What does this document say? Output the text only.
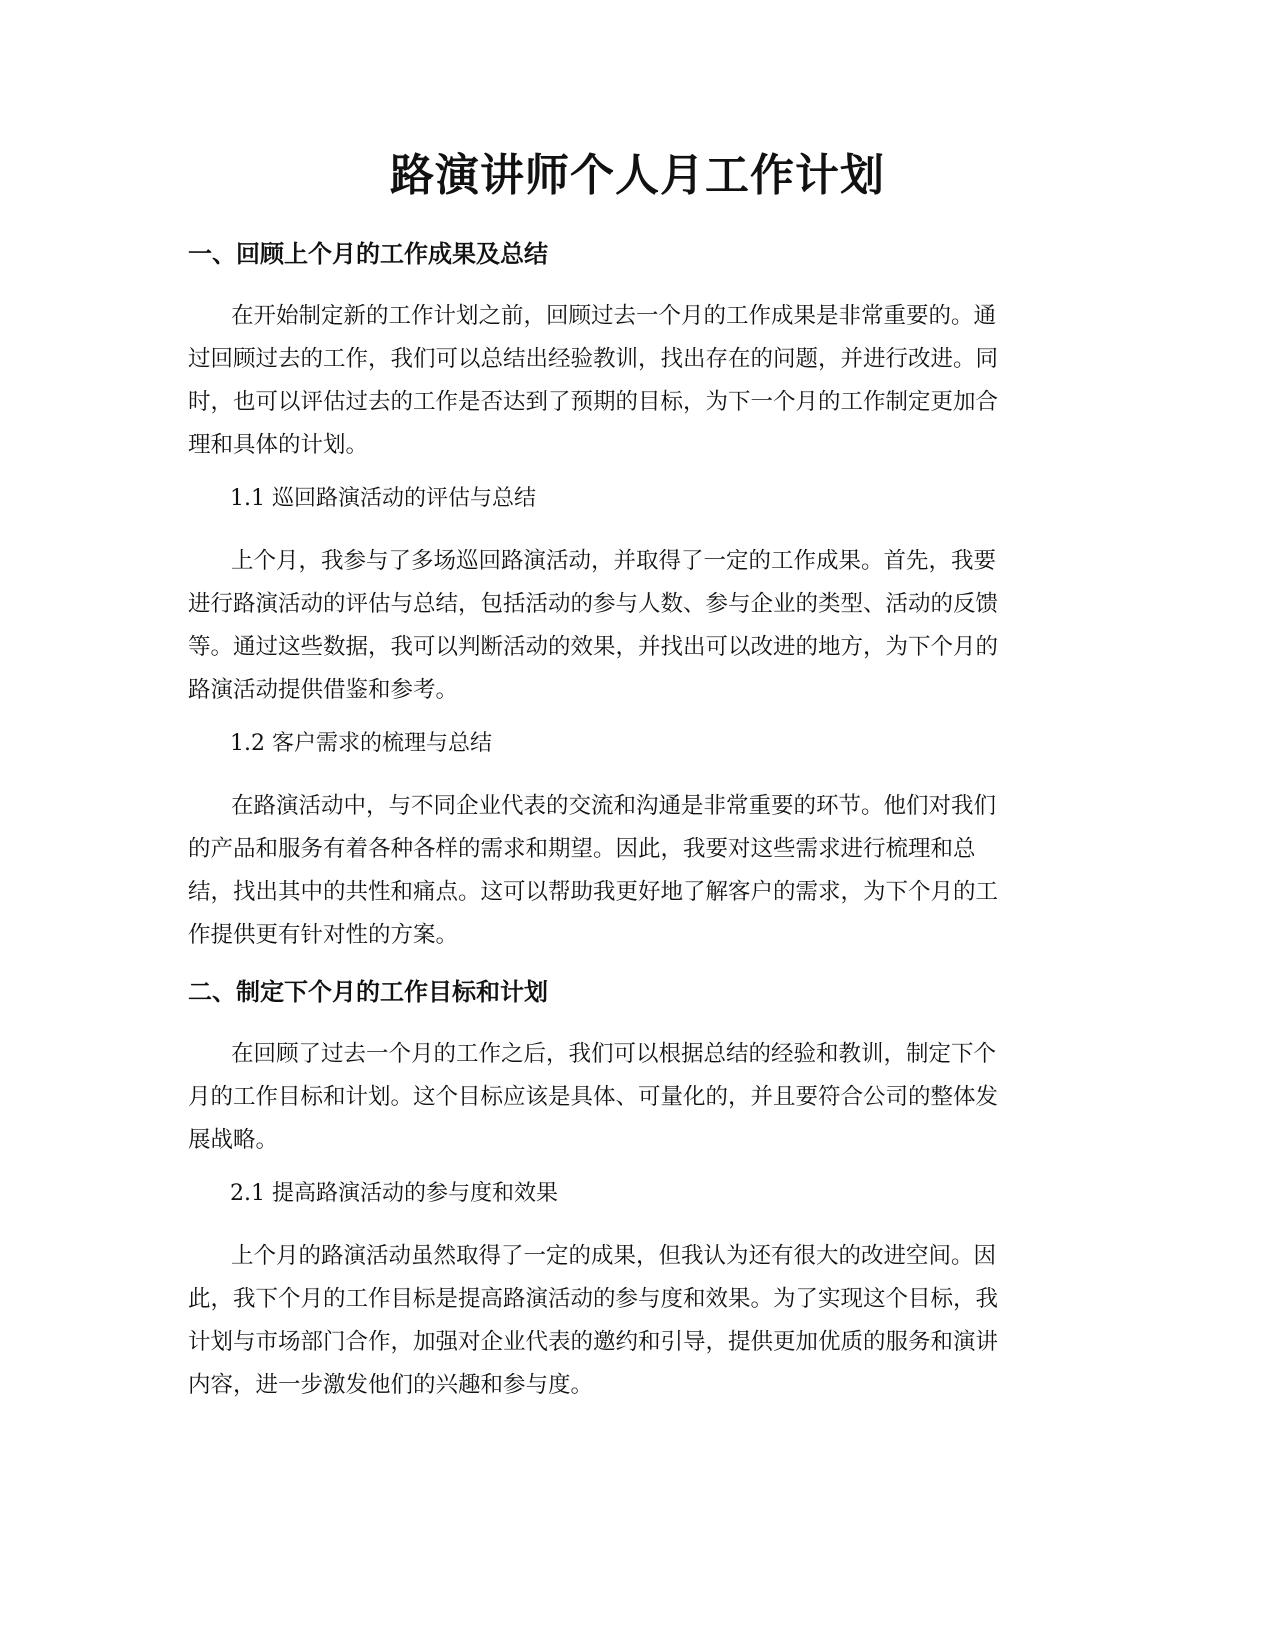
路演讲师个人月工作计划
一、回顾上个月的工作成果及总结
在开始制定新的工作计划之前，回顾过去一个月的工作成果是非常重要的。通
过回顾过去的工作，我们可以总结出经验教训，找出存在的问题，并进行改进。同
时，也可以评估过去的工作是否达到了预期的目标，为下一个月的工作制定更加合
理和具体的计划。

1.1 巡回路演活动的评估与总结

上个月，我参与了多场巡回路演活动，并取得了一定的工作成果。首先，我要
进行路演活动的评估与总结，包括活动的参与人数、参与企业的类型、活动的反馈
等。通过这些数据，我可以判断活动的效果，并找出可以改进的地方，为下个月的
路演活动提供借鉴和参考。

1.2 客户需求的梳理与总结

在路演活动中，与不同企业代表的交流和沟通是非常重要的环节。他们对我们
的产品和服务有着各种各样的需求和期望。因此，我要对这些需求进行梳理和总
结，找出其中的共性和痛点。这可以帮助我更好地了解客户的需求，为下个月的工
作提供更有针对性的方案。
二、制定下个月的工作目标和计划
在回顾了过去一个月的工作之后，我们可以根据总结的经验和教训，制定下个
月的工作目标和计划。这个目标应该是具体、可量化的，并且要符合公司的整体发
展战略。

2.1 提高路演活动的参与度和效果

上个月的路演活动虽然取得了一定的成果，但我认为还有很大的改进空间。因
此，我下个月的工作目标是提高路演活动的参与度和效果。为了实现这个目标，我
计划与市场部门合作，加强对企业代表的邀约和引导，提供更加优质的服务和演讲
内容，进一步激发他们的兴趣和参与度。
